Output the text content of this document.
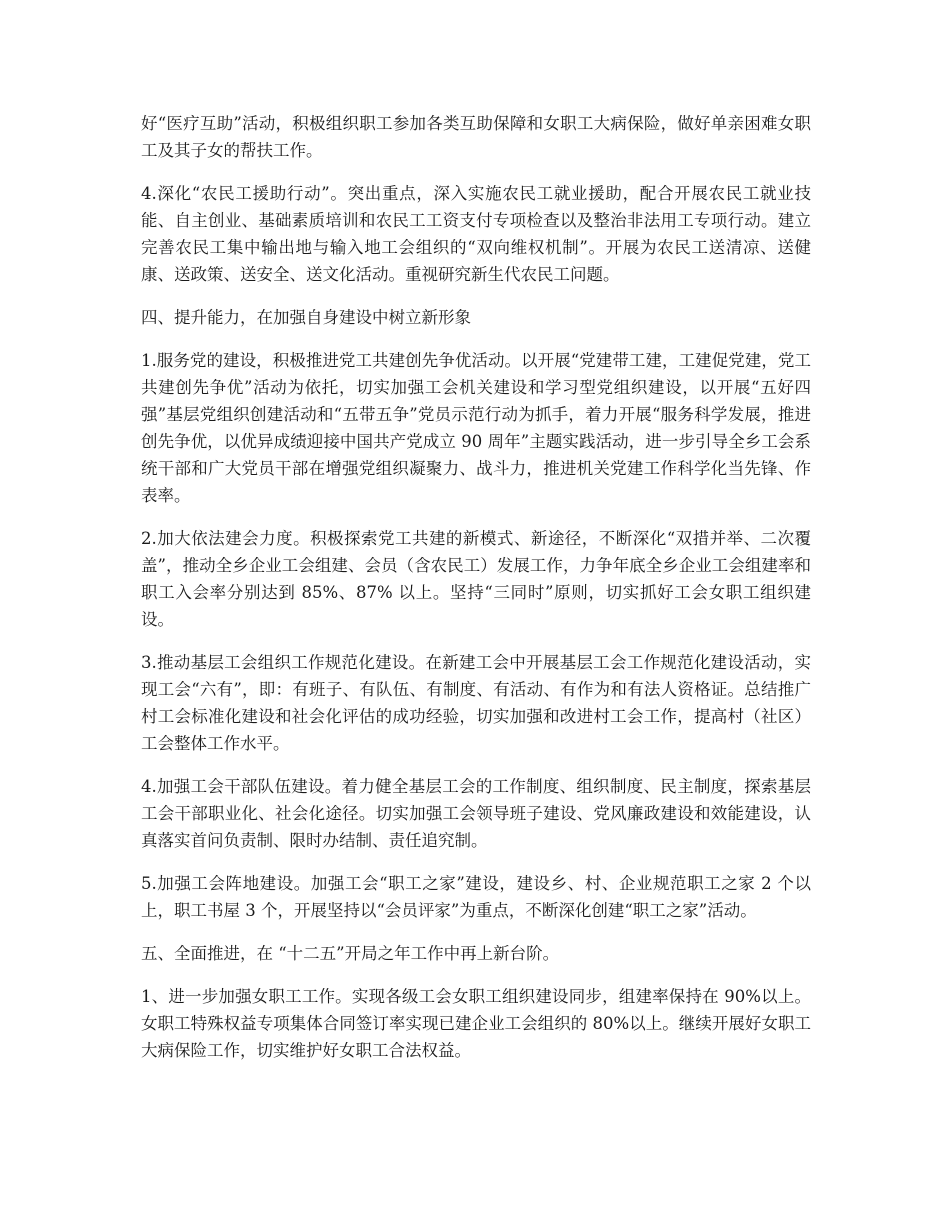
好“医疗互助”活动，积极组织职工参加各类互助保障和女职工大病保险，做好单亲困难女职工及其子女的帮扶工作。

4.深化“农民工援助行动”。突出重点，深入实施农民工就业援助，配合开展农民工就业技能、自主创业、基础素质培训和农民工工资支付专项检查以及整治非法用工专项行动。建立完善农民工集中输出地与输入地工会组织的“双向维权机制”。开展为农民工送清凉、送健康、送政策、送安全、送文化活动。重视研究新生代农民工问题。

四、提升能力，在加强自身建设中树立新形象

1.服务党的建设，积极推进党工共建创先争优活动。以开展“党建带工建，工建促党建，党工共建创先争优”活动为依托，切实加强工会机关建设和学习型党组织建设，以开展“五好四强”基层党组织创建活动和“五带五争”党员示范行动为抓手，着力开展“服务科学发展，推进创先争优，以优异成绩迎接中国共产党成立 90 周年”主题实践活动，进一步引导全乡工会系统干部和广大党员干部在增强党组织凝聚力、战斗力，推进机关党建工作科学化当先锋、作表率。

2.加大依法建会力度。积极探索党工共建的新模式、新途径，不断深化“双措并举、二次覆盖”，推动全乡企业工会组建、会员（含农民工）发展工作，力争年底全乡企业工会组建率和职工入会率分别达到 85%、87% 以上。坚持“三同时”原则，切实抓好工会女职工组织建设。

3.推动基层工会组织工作规范化建设。在新建工会中开展基层工会工作规范化建设活动，实现工会“六有”，即：有班子、有队伍、有制度、有活动、有作为和有法人资格证。总结推广村工会标准化建设和社会化评估的成功经验，切实加强和改进村工会工作，提高村（社区）工会整体工作水平。

4.加强工会干部队伍建设。着力健全基层工会的工作制度、组织制度、民主制度，探索基层工会干部职业化、社会化途径。切实加强工会领导班子建设、党风廉政建设和效能建设，认真落实首问负责制、限时办结制、责任追究制。

5.加强工会阵地建设。加强工会“职工之家”建设，建设乡、村、企业规范职工之家 2 个以上，职工书屋 3 个，开展坚持以“会员评家”为重点，不断深化创建“职工之家”活动。

五、全面推进，在 “十二五”开局之年工作中再上新台阶。

1、进一步加强女职工工作。实现各级工会女职工组织建设同步，组建率保持在 90%以上。女职工特殊权益专项集体合同签订率实现已建企业工会组织的 80%以上。继续开展好女职工大病保险工作，切实维护好女职工合法权益。
